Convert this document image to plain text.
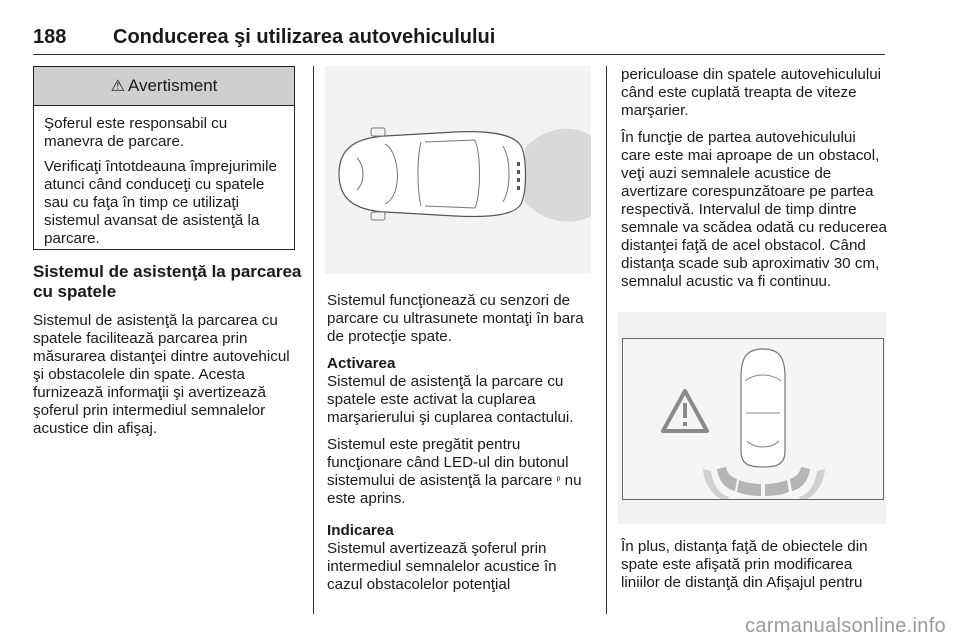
188 Conducerea şi utilizarea autovehiculului
⚠ Avertisment

Şoferul este responsabil cu manevra de parcare.

Verificaţi întotdeauna împrejurimile atunci când conduceţi cu spatele sau cu faţa în timp ce utilizaţi sistemul avansat de asistenţă la parcare.

Sistemul de asistenţă la parcarea cu spatele

Sistemul de asistenţă la parcarea cu spatele facilitează parcarea prin măsurarea distanţei dintre autovehicul şi obstacolele din spate. Acesta furnizează informaţii şi avertizează şoferul prin intermediul semnalelor acustice din afişaj.

Sistemul funcţionează cu senzori de parcare cu ultrasunete montaţi în bara de protecţie spate.

Activarea
Sistemul de asistenţă la parcare cu spatele este activat la cuplarea marşarierului şi cuplarea contactului.

Sistemul este pregătit pentru funcţionare când LED-ul din butonul sistemului de asistenţă la parcare ᵖ nu este aprins.

Indicarea
Sistemul avertizează şoferul prin intermediul semnalelor acustice în cazul obstacolelor potenţial

periculoase din spatele autovehiculului când este cuplată treapta de viteze marşarier.

În funcţie de partea autovehiculului care este mai aproape de un obstacol, veţi auzi semnalele acustice de avertizare corespunzătoare pe partea respectivă. Intervalul de timp dintre semnale va scădea odată cu reducerea distanţei faţă de acel obstacol. Când distanţa scade sub aproximativ 30 cm, semnalul acustic va fi continuu.

În plus, distanţa faţă de obiectele din spate este afişată prin modificarea liniilor de distanţă din Afişajul pentru

carmanualsonline.info
